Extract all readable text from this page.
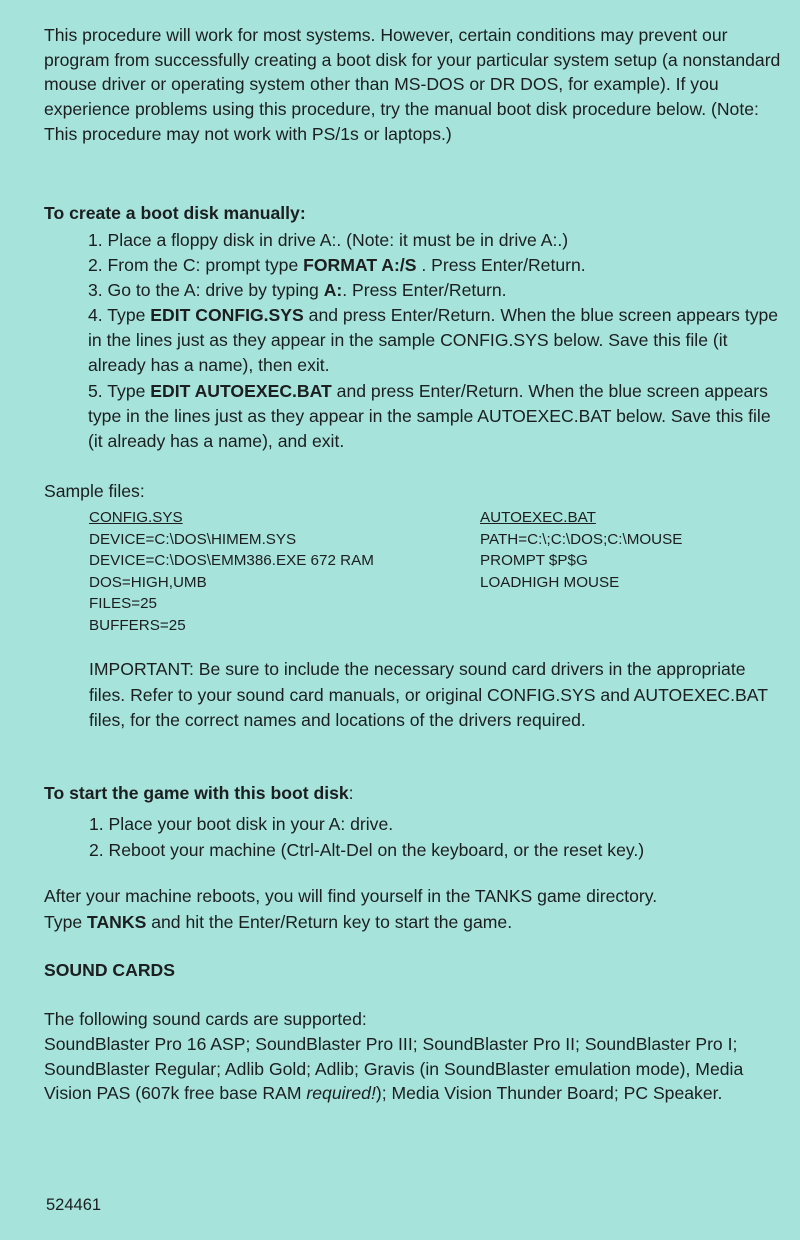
This procedure will work for most systems. However, certain conditions may prevent our program from successfully creating a boot disk for your particular system setup (a nonstandard mouse driver or operating system other than MS-DOS or DR DOS, for example). If you experience problems using this procedure, try the manual boot disk procedure below. (Note: This procedure may not work with PS/1s or laptops.)

To create a boot disk manually:

1. Place a floppy disk in drive A:. (Note: it must be in drive A:.)
2. From the C: prompt type FORMAT A:/S . Press Enter/Return.
3. Go to the A: drive by typing A:. Press Enter/Return.
4. Type EDIT CONFIG.SYS and press Enter/Return. When the blue screen appears type in the lines just as they appear in the sample CONFIG.SYS below. Save this file (it already has a name), then exit.
5. Type EDIT AUTOEXEC.BAT and press Enter/Return. When the blue screen appears type in the lines just as they appear in the sample AUTOEXEC.BAT below. Save this file (it already has a name), and exit.

Sample files:

CONFIG.SYS
DEVICE=C:\DOS\HIMEM.SYS
DEVICE=C:\DOS\EMM386.EXE 672 RAM
DOS=HIGH,UMB
FILES=25
BUFFERS=25
AUTOEXEC.BAT
PATH=C:\;C:\DOS;C:\MOUSE
PROMPT $P$G
LOADHIGH MOUSE

IMPORTANT: Be sure to include the necessary sound card drivers in the appropriate files. Refer to your sound card manuals, or original CONFIG.SYS and AUTOEXEC.BAT files, for the correct names and locations of the drivers required.

To start the game with this boot disk:

1. Place your boot disk in your A: drive.
2. Reboot your machine (Ctrl-Alt-Del on the keyboard, or the reset key.)

After your machine reboots, you will find yourself in the TANKS game directory.
Type TANKS and hit the Enter/Return key to start the game.

SOUND CARDS

The following sound cards are supported:
SoundBlaster Pro 16 ASP; SoundBlaster Pro III; SoundBlaster Pro II; SoundBlaster Pro I; SoundBlaster Regular; Adlib Gold; Adlib; Gravis (in SoundBlaster emulation mode), Media Vision PAS (607k free base RAM required!); Media Vision Thunder Board; PC Speaker.

524461
